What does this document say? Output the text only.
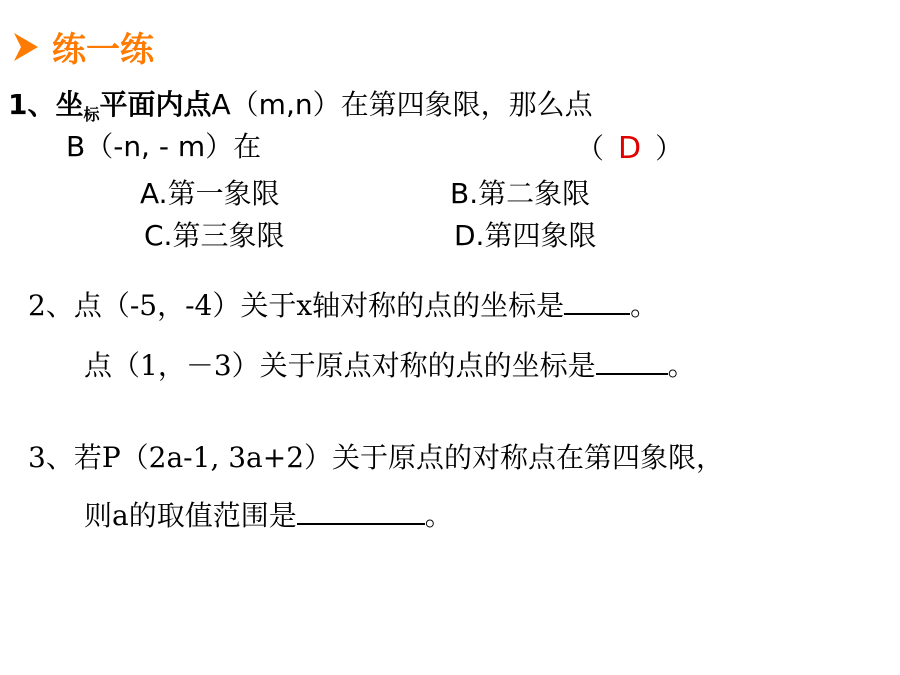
练一练
1、坐$_标$平面内点A（m,n）在第四象限，那么点
B（-n, - m）在	（ D ）
A.第一象限	B.第二象限
C.第三象限	D.第四象限
2、点（-5，-4）关于x轴对称的点的坐标是 。
点（1，－3）关于原点对称的点的坐标是	。
3、若P（2a-1, 3a+2）关于原点的对称点在第四象限，
则a的取值范围是	。
